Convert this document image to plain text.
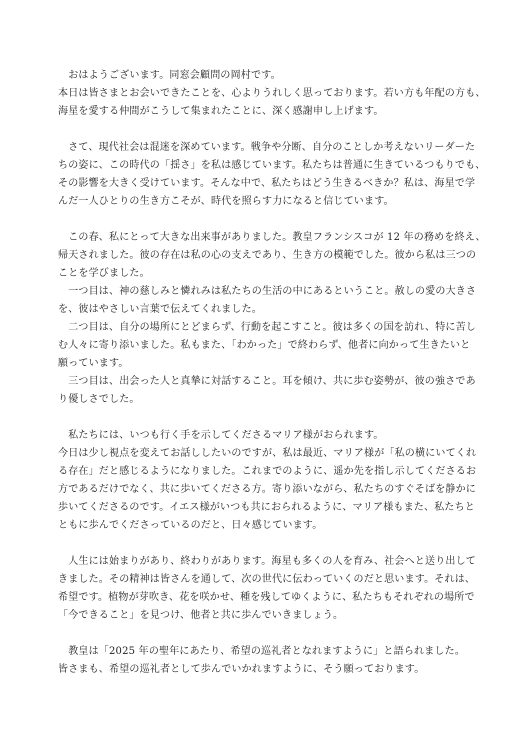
　おはようございます。同窓会顧問の岡村です。
本日は皆さまとお会いできたことを、心よりうれしく思っております。若い方も年配の方も、
海星を愛する仲間がこうして集まれたことに、深く感謝申し上げます。
　さて、現代社会は混迷を深めています。戦争や分断、自分のことしか考えないリーダーた
ちの姿に、この時代の「揺さ」を私は感じています。私たちは普通に生きているつもりでも、
その影響を大きく受けています。そんな中で、私たちはどう生きるべきか？私は、海星で学
んだ一人ひとりの生き方こそが、時代を照らす力になると信じています。
　この春、私にとって大きな出来事がありました。教皇フランシスコが 12 年の務めを終え、
帰天されました。彼の存在は私の心の支えであり、生き方の模範でした。彼から私は三つの
ことを学びました。
　一つ目は、神の慈しみと憐れみは私たちの生活の中にあるということ。赦しの愛の大きさ
を、彼はやさしい言葉で伝えてくれました。
　二つ目は、自分の場所にとどまらず、行動を起こすこと。彼は多くの国を訪れ、特に苦し
む人々に寄り添いました。私もまた、「わかった」で終わらず、他者に向かって生きたいと
願っています。
　三つ目は、出会った人と真摯に対話すること。耳を傾け、共に歩む姿勢が、彼の強さであ
り優しさでした。
　私たちには、いつも行く手を示してくださるマリア様がおられます。
今日は少し視点を変えてお話ししたいのですが、私は最近、マリア様が「私の横にいてくれ
る存在」だと感じるようになりました。これまでのように、遥か先を指し示してくださるお
方であるだけでなく、共に歩いてくださる方。寄り添いながら、私たちのすぐそばを静かに
歩いてくださるのです。イエス様がいつも共におられるように、マリア様もまた、私たちと
ともに歩んでくださっているのだと、日々感じています。
　人生には始まりがあり、終わりがあります。海星も多くの人を育み、社会へと送り出して
きました。その精神は皆さんを通して、次の世代に伝わっていくのだと思います。それは、
希望です。植物が芽吹き、花を咲かせ、種を残してゆくように、私たちもそれぞれの場所で
「今できること」を見つけ、他者と共に歩んでいきましょう。
　教皇は「2025 年の聖年にあたり、希望の巡礼者となれますように」と語られました。
皆さまも、希望の巡礼者として歩んでいかれますように、そう願っております。
